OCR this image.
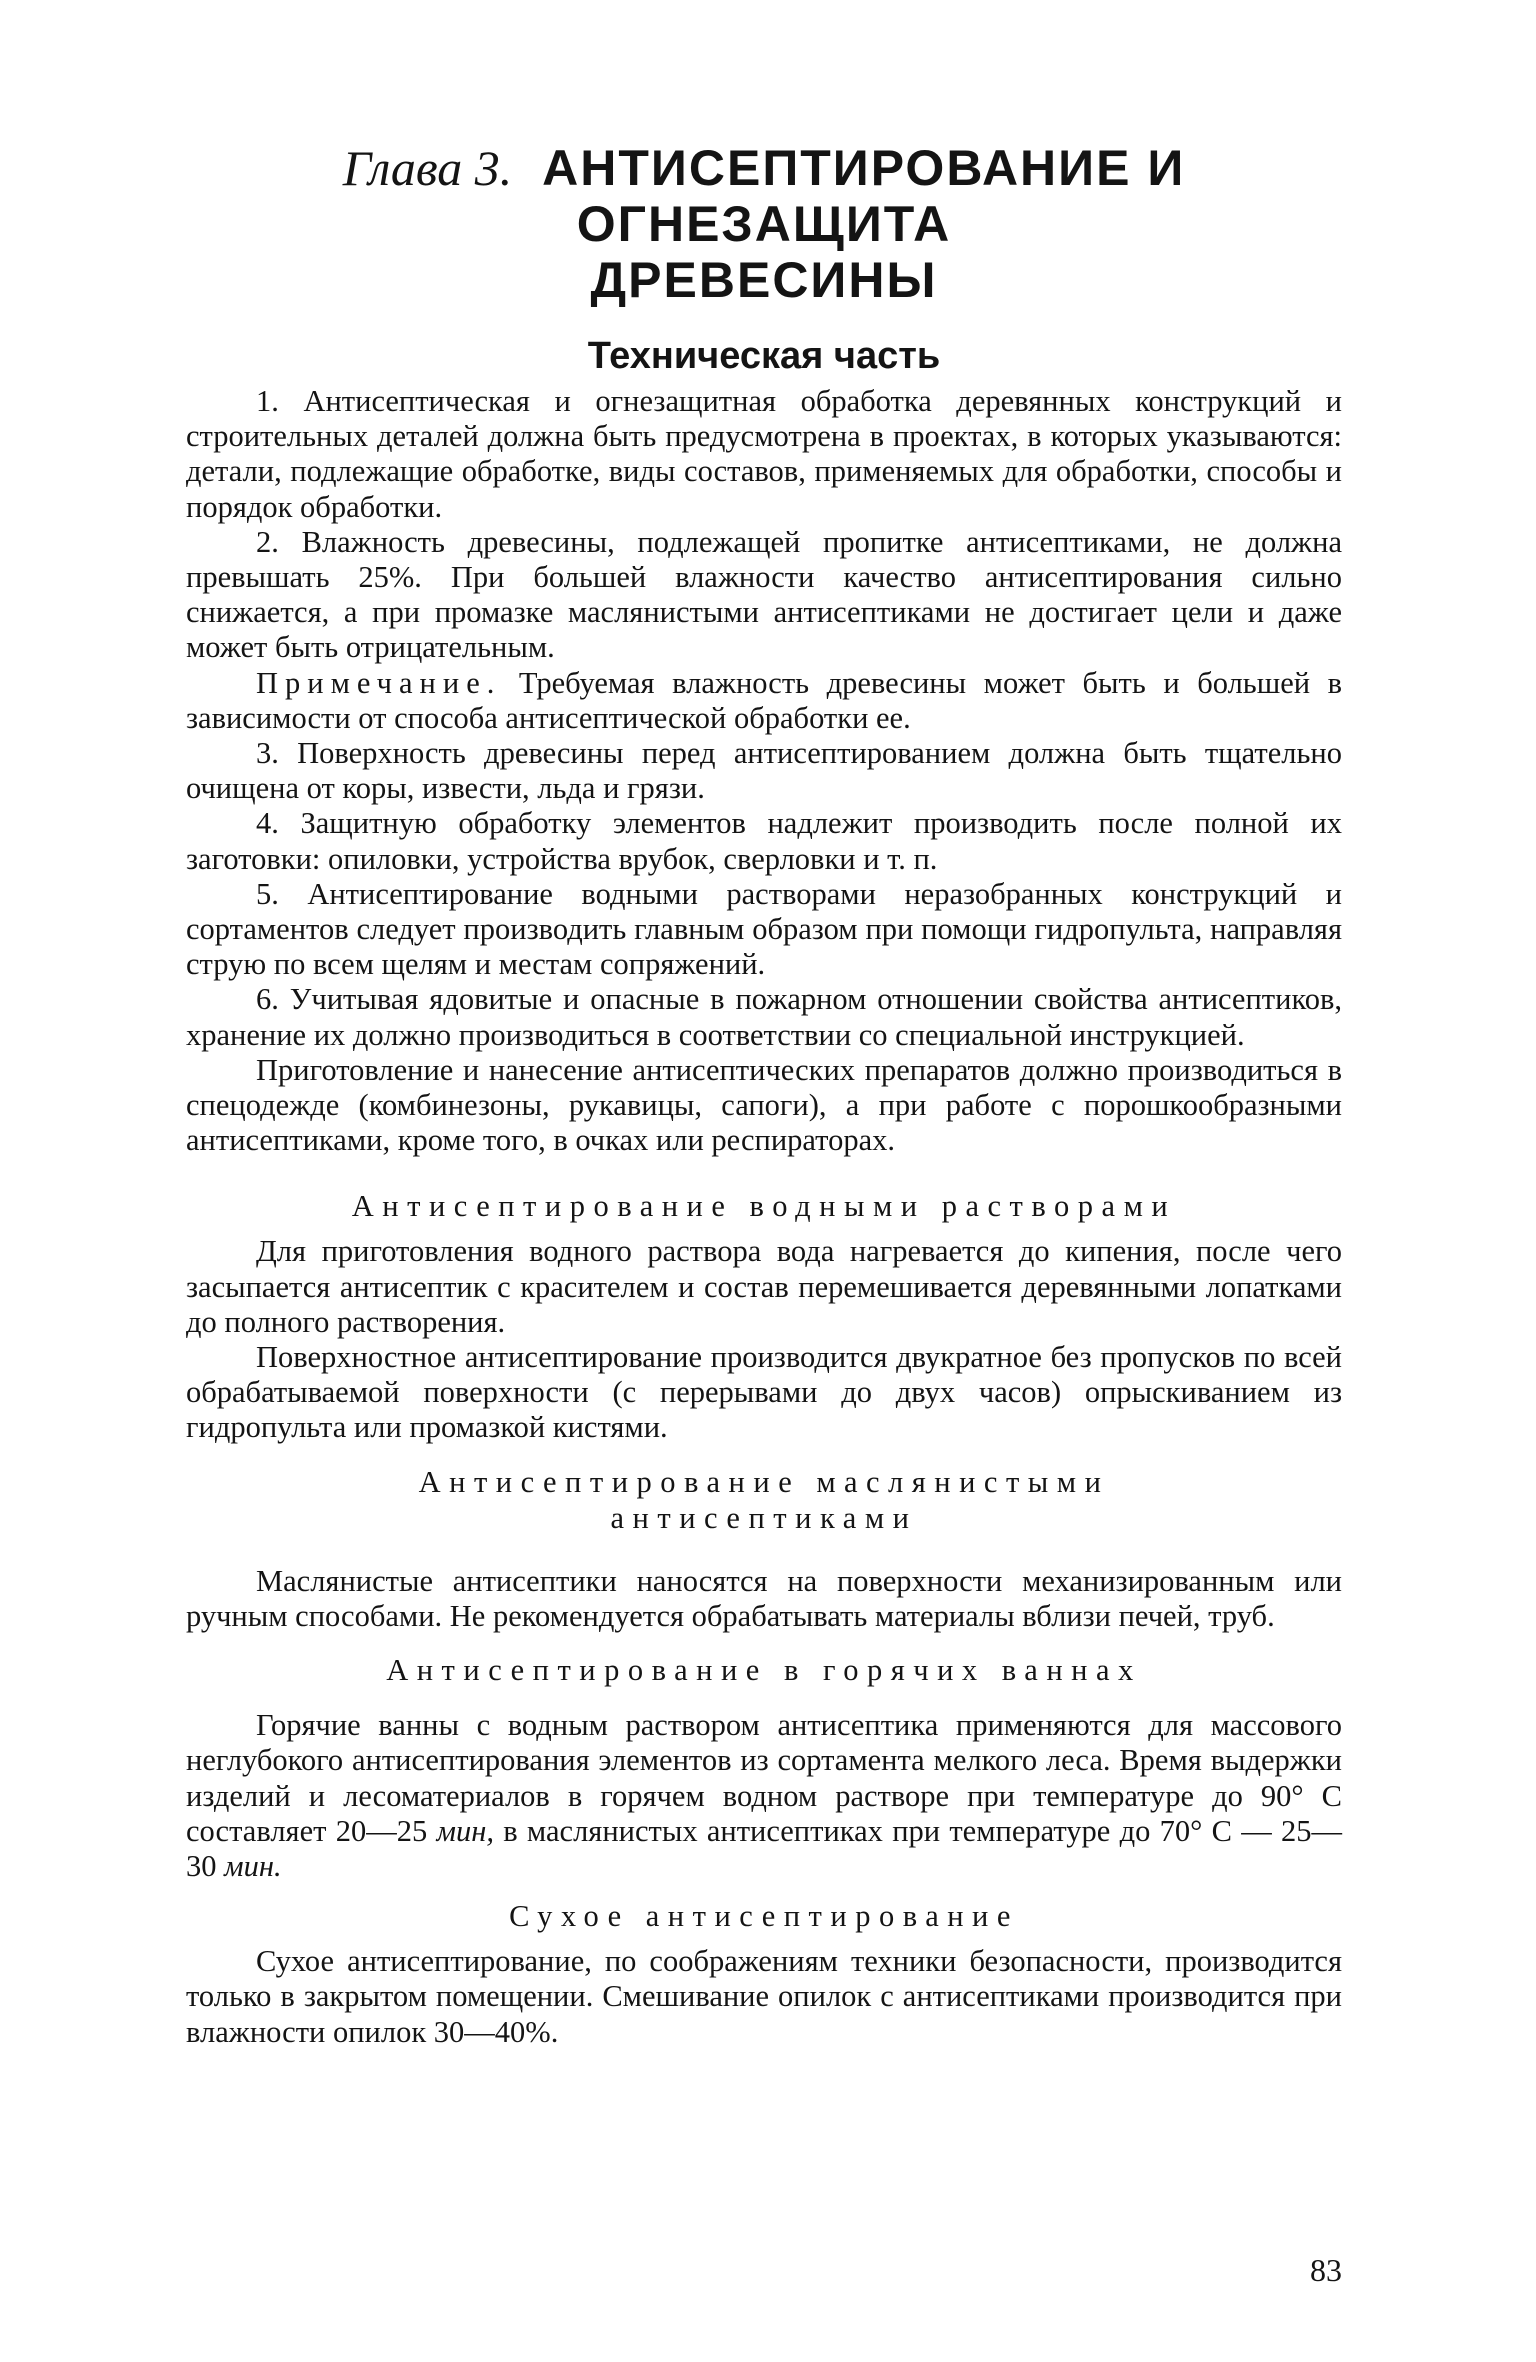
Глава 3. АНТИСЕПТИРОВАНИЕ И ОГНЕЗАЩИТА
ДРЕВЕСИНЫ
Техническая часть

1. Антисептическая и огнезащитная обработка деревянных конструкций и строительных деталей должна быть предусмотрена в проектах, в которых указываются: детали, подлежащие обработке, виды составов, применяемых для обработки, способы и порядок обработки.

2. Влажность древесины, подлежащей пропитке антисептиками, не должна превышать 25%. При большей влажности качество антисептирования сильно снижается, а при промазке маслянистыми антисептиками не достигает цели и даже может быть отрицательным.

Примечание. Требуемая влажность древесины может быть и большей в зависимости от способа антисептической обработки ее.

3. Поверхность древесины перед антисептированием должна быть тщательно очищена от коры, извести, льда и грязи.

4. Защитную обработку элементов надлежит производить после полной их заготовки: опиловки, устройства врубок, сверловки и т. п.

5. Антисептирование водными растворами неразобранных конструкций и сортаментов следует производить главным образом при помощи гидропульта, направляя струю по всем щелям и местам сопряжений.

6. Учитывая ядовитые и опасные в пожарном отношении свойства антисептиков, хранение их должно производиться в соответствии со специальной инструкцией.

Приготовление и нанесение антисептических препаратов должно производиться в спецодежде (комбинезоны, рукавицы, сапоги), а при работе с порошкообразными антисептиками, кроме того, в очках или респираторах.

Антисептирование водными растворами

Для приготовления водного раствора вода нагревается до кипения, после чего засыпается антисептик с красителем и состав перемешивается деревянными лопатками до полного растворения.

Поверхностное антисептирование производится двукратное без пропусков по всей обрабатываемой поверхности (с перерывами до двух часов) опрыскиванием из гидропульта или промазкой кистями.

Антисептирование маслянистыми
антисептиками

Маслянистые антисептики наносятся на поверхности механизированным или ручным способами. Не рекомендуется обрабатывать материалы вблизи печей, труб.

Антисептирование в горячих ваннах

Горячие ванны с водным раствором антисептика применяются для массового неглубокого антисептирования элементов из сортамента мелкого леса. Время выдержки изделий и лесоматериалов в горячем водном растворе при температуре до 90° С составляет 20—25 мин, в маслянистых антисептиках при температуре до 70° С — 25—30 мин.

Сухое антисептирование

Сухое антисептирование, по соображениям техники безопасности, производится только в закрытом помещении. Смешивание опилок с антисептиками производится при влажности опилок 30—40%.

83
